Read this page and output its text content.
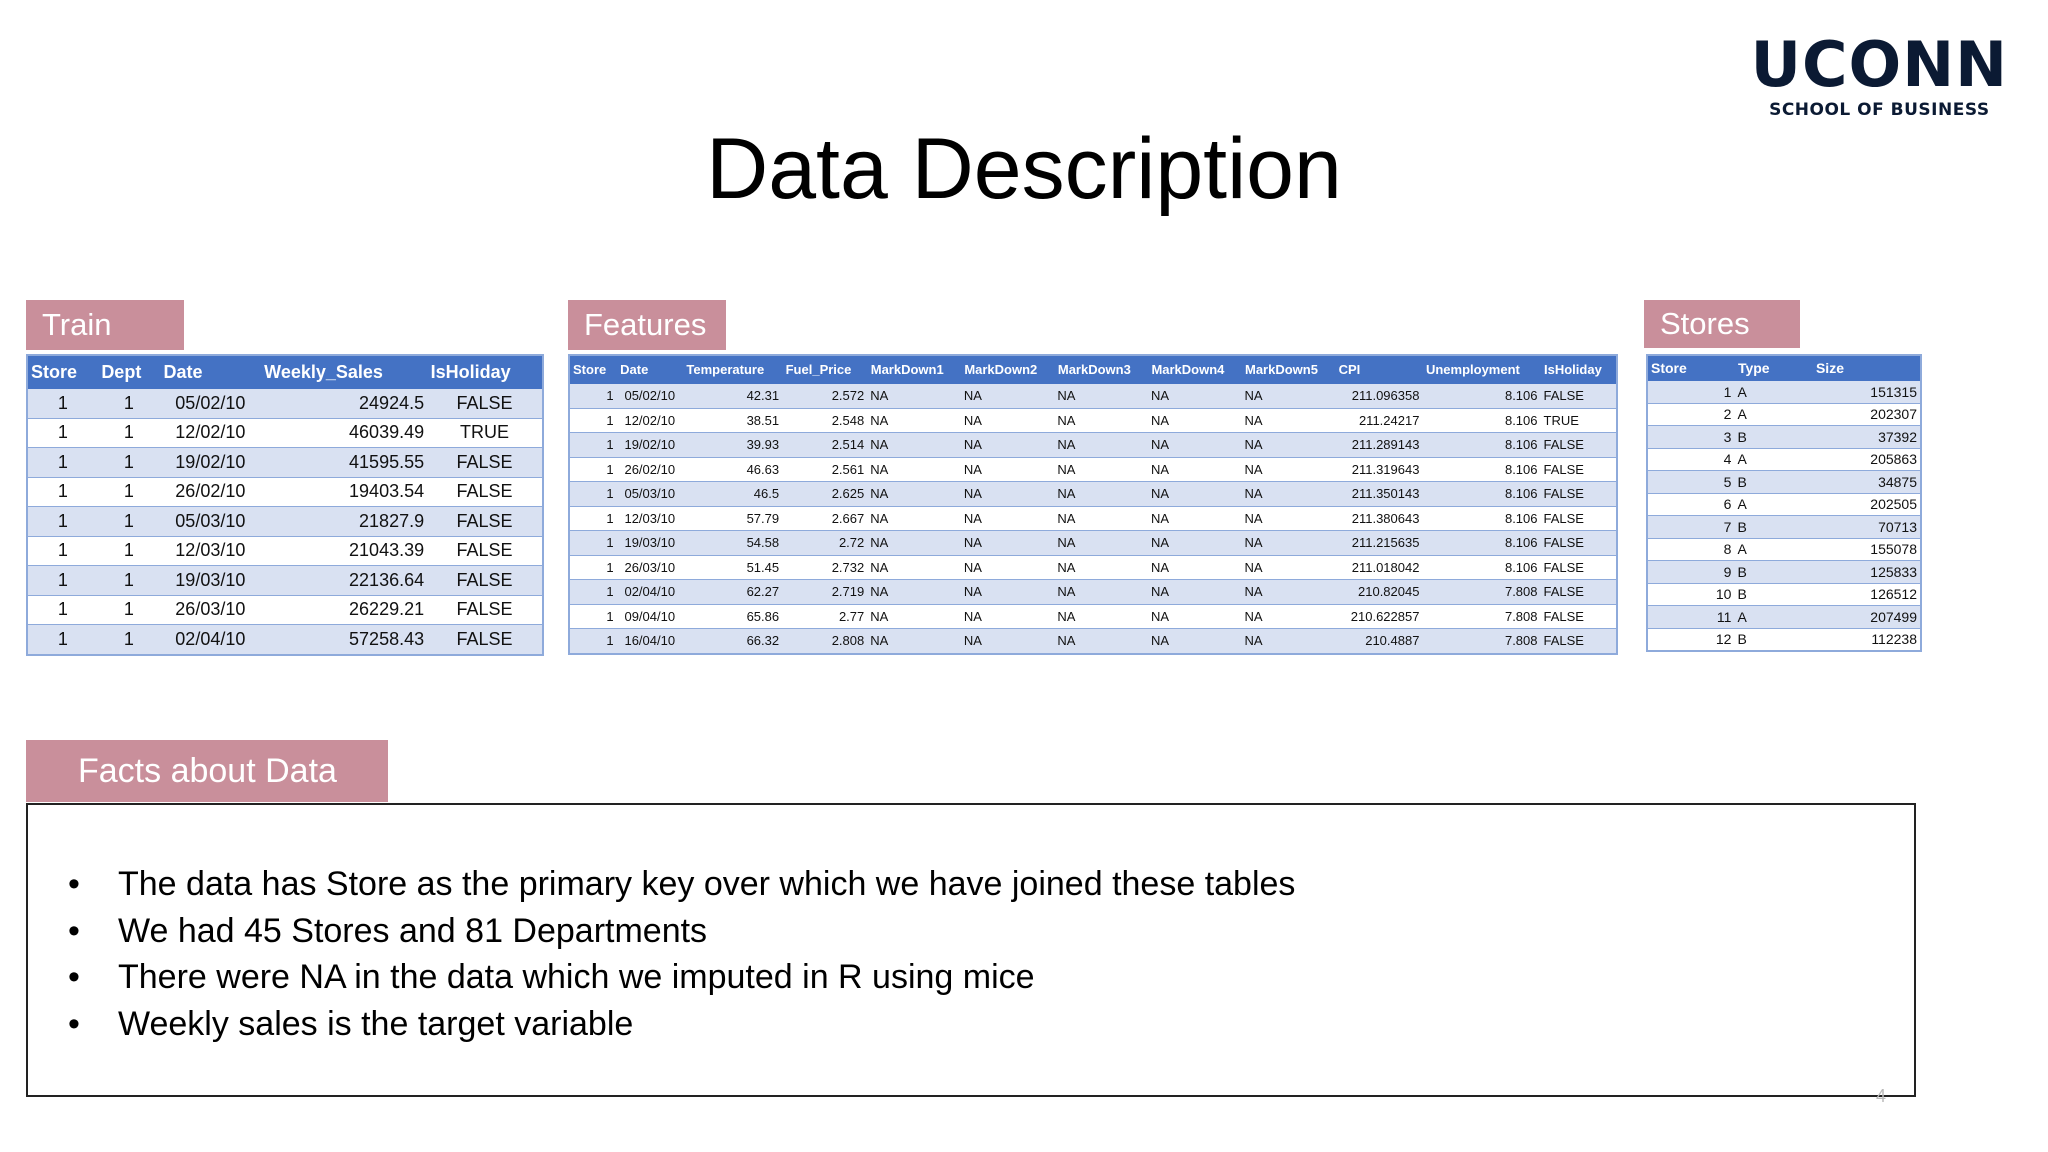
UCONN
SCHOOL OF BUSINESS
Data Description
Train
Store	Dept	Date	Weekly_Sales	IsHoliday
1	1	05/02/10	24924.5	FALSE
1	1	12/02/10	46039.49	TRUE
1	1	19/02/10	41595.55	FALSE
1	1	26/02/10	19403.54	FALSE
1	1	05/03/10	21827.9	FALSE
1	1	12/03/10	21043.39	FALSE
1	1	19/03/10	22136.64	FALSE
1	1	26/03/10	26229.21	FALSE
1	1	02/04/10	57258.43	FALSE
Features
Store	Date	Temperature	Fuel_Price	MarkDown1	MarkDown2	MarkDown3	MarkDown4	MarkDown5	CPI	Unemployment	IsHoliday
1	05/02/10	42.31	2.572	NA	NA	NA	NA	NA	211.096358	8.106	FALSE
1	12/02/10	38.51	2.548	NA	NA	NA	NA	NA	211.24217	8.106	TRUE
1	19/02/10	39.93	2.514	NA	NA	NA	NA	NA	211.289143	8.106	FALSE
1	26/02/10	46.63	2.561	NA	NA	NA	NA	NA	211.319643	8.106	FALSE
1	05/03/10	46.5	2.625	NA	NA	NA	NA	NA	211.350143	8.106	FALSE
1	12/03/10	57.79	2.667	NA	NA	NA	NA	NA	211.380643	8.106	FALSE
1	19/03/10	54.58	2.72	NA	NA	NA	NA	NA	211.215635	8.106	FALSE
1	26/03/10	51.45	2.732	NA	NA	NA	NA	NA	211.018042	8.106	FALSE
1	02/04/10	62.27	2.719	NA	NA	NA	NA	NA	210.82045	7.808	FALSE
1	09/04/10	65.86	2.77	NA	NA	NA	NA	NA	210.622857	7.808	FALSE
1	16/04/10	66.32	2.808	NA	NA	NA	NA	NA	210.4887	7.808	FALSE
Stores
Store	Type	Size
1	A	151315
2	A	202307
3	B	37392
4	A	205863
5	B	34875
6	A	202505
7	B	70713
8	A	155078
9	B	125833
10	B	126512
11	A	207499
12	B	112238
Facts about Data
• The data has Store as the primary key over which we have joined these tables
• We had 45 Stores and 81 Departments
• There were NA in the data which we imputed in R using mice
• Weekly sales is the target variable
4
